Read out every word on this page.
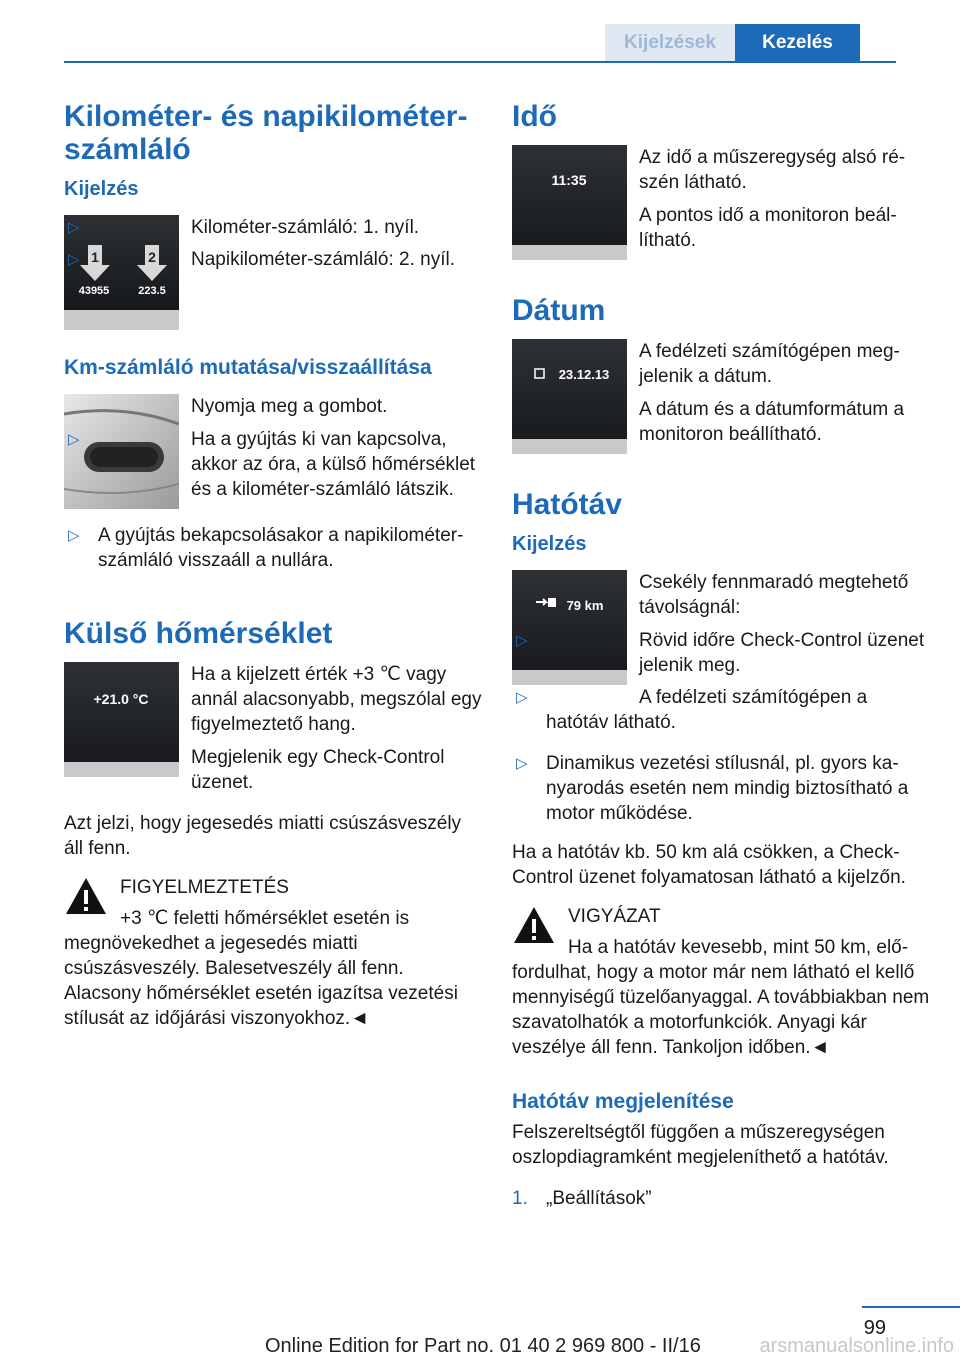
Kijelzések	Kezelés
Kilométer- és napikilométer-számláló
Kijelzés
1	2
43955	223.5
▷	Kilométer-számláló: 1. nyíl.
▷	Napikilométer-számláló: 2. nyíl.
Km-számláló mutatása/visszaállítása

Nyomja meg a gombot.

▷	Ha a gyújtás ki van kapcsolva, akkor az óra, a külső hőmérséklet és a kilométer-számláló látszik.
▷ A gyújtás bekapcsolásakor a napikilométer-számláló visszaáll a nullára.
Külső hőmérséklet
+21.0 °C

Ha a kijelzett érték +3 ℃ vagy annál alacsonyabb, megszólal egy figyelmeztető hang.

Megjelenik egy Check-Control üzenet.

Azt jelzi, hogy jegesedés miatti csúszásveszély áll fenn.

FIGYELMEZTETÉS

+3 ℃ feletti hőmérséklet esetén is megnövekedhet a jegesedés miatti csúszásveszély. Balesetveszély áll fenn. Alacsony hőmérséklet esetén igazítsa vezetési stílusát az időjárási viszonyokhoz.◄

Idő
11:35

Az idő a műszeregység alsó részén látható.

A pontos idő a monitoron beállítható.

Dátum
23.12.13

A fedélzeti számítógépen megjelenik a dátum.

A dátum és a dátumformátum a monitoron beállítható.

Hatótáv
Kijelzés
79 km

Csekély fennmaradó megtehető távolságnál:

▷	Rövid időre Check-Control üzenet jelenik meg.
▷	A fedélzeti számítógépen a hatótáv látható.
▷ Dinamikus vezetési stílusnál, pl. gyors kanyarodás esetén nem mindig biztosítható a motor működése.

Ha a hatótáv kb. 50 km alá csökken, a Check-Control üzenet folyamatosan látható a kijelzőn.

VIGYÁZAT

Ha a hatótáv kevesebb, mint 50 km, előfordulhat, hogy a motor már nem látható el kellő mennyiségű tüzelőanyaggal. A továbbiakban nem szavatolhatók a motorfunkciók. Anyagi kár veszélye áll fenn. Tankoljon időben.◄

Hatótáv megjelenítése

Felszereltségtől függően a műszeregységen oszlopdiagramként megjeleníthető a hatótáv.

1. „Beállítások”
99
Online Edition for Part no. 01 40 2 969 800 - II/16	arsmanualsonline.info
